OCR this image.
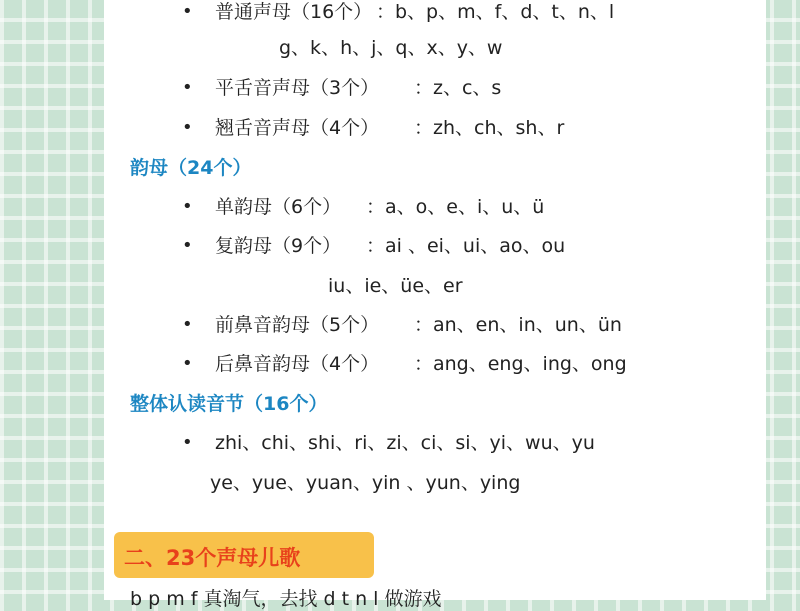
• 普通声母（16个） ：b、p、m、f、d、t、n、l
g、k、h、j、q、x、y、w
• 平舌音声母（3个） ：z、c、s
• 翘舌音声母（4个） ：zh、ch、sh、r
韵母（24个）
• 单韵母（6个） ：a、o、e、i、u、ü
• 复韵母（9个） ：ai 、ei、ui、ao、ou
iu、ie、üe、er
• 前鼻音韵母（5个） ：an、en、in、un、ün
• 后鼻音韵母（4个） ：ang、eng、ing、ong
整体认读音节（16个）
• zhi、chi、shi、ri、zi、ci、si、yi、wu、yu
ye、yue、yuan、yin 、yun、ying
二、23个声母儿歌
b p m f 真淘气，去找 d t n l 做游戏
